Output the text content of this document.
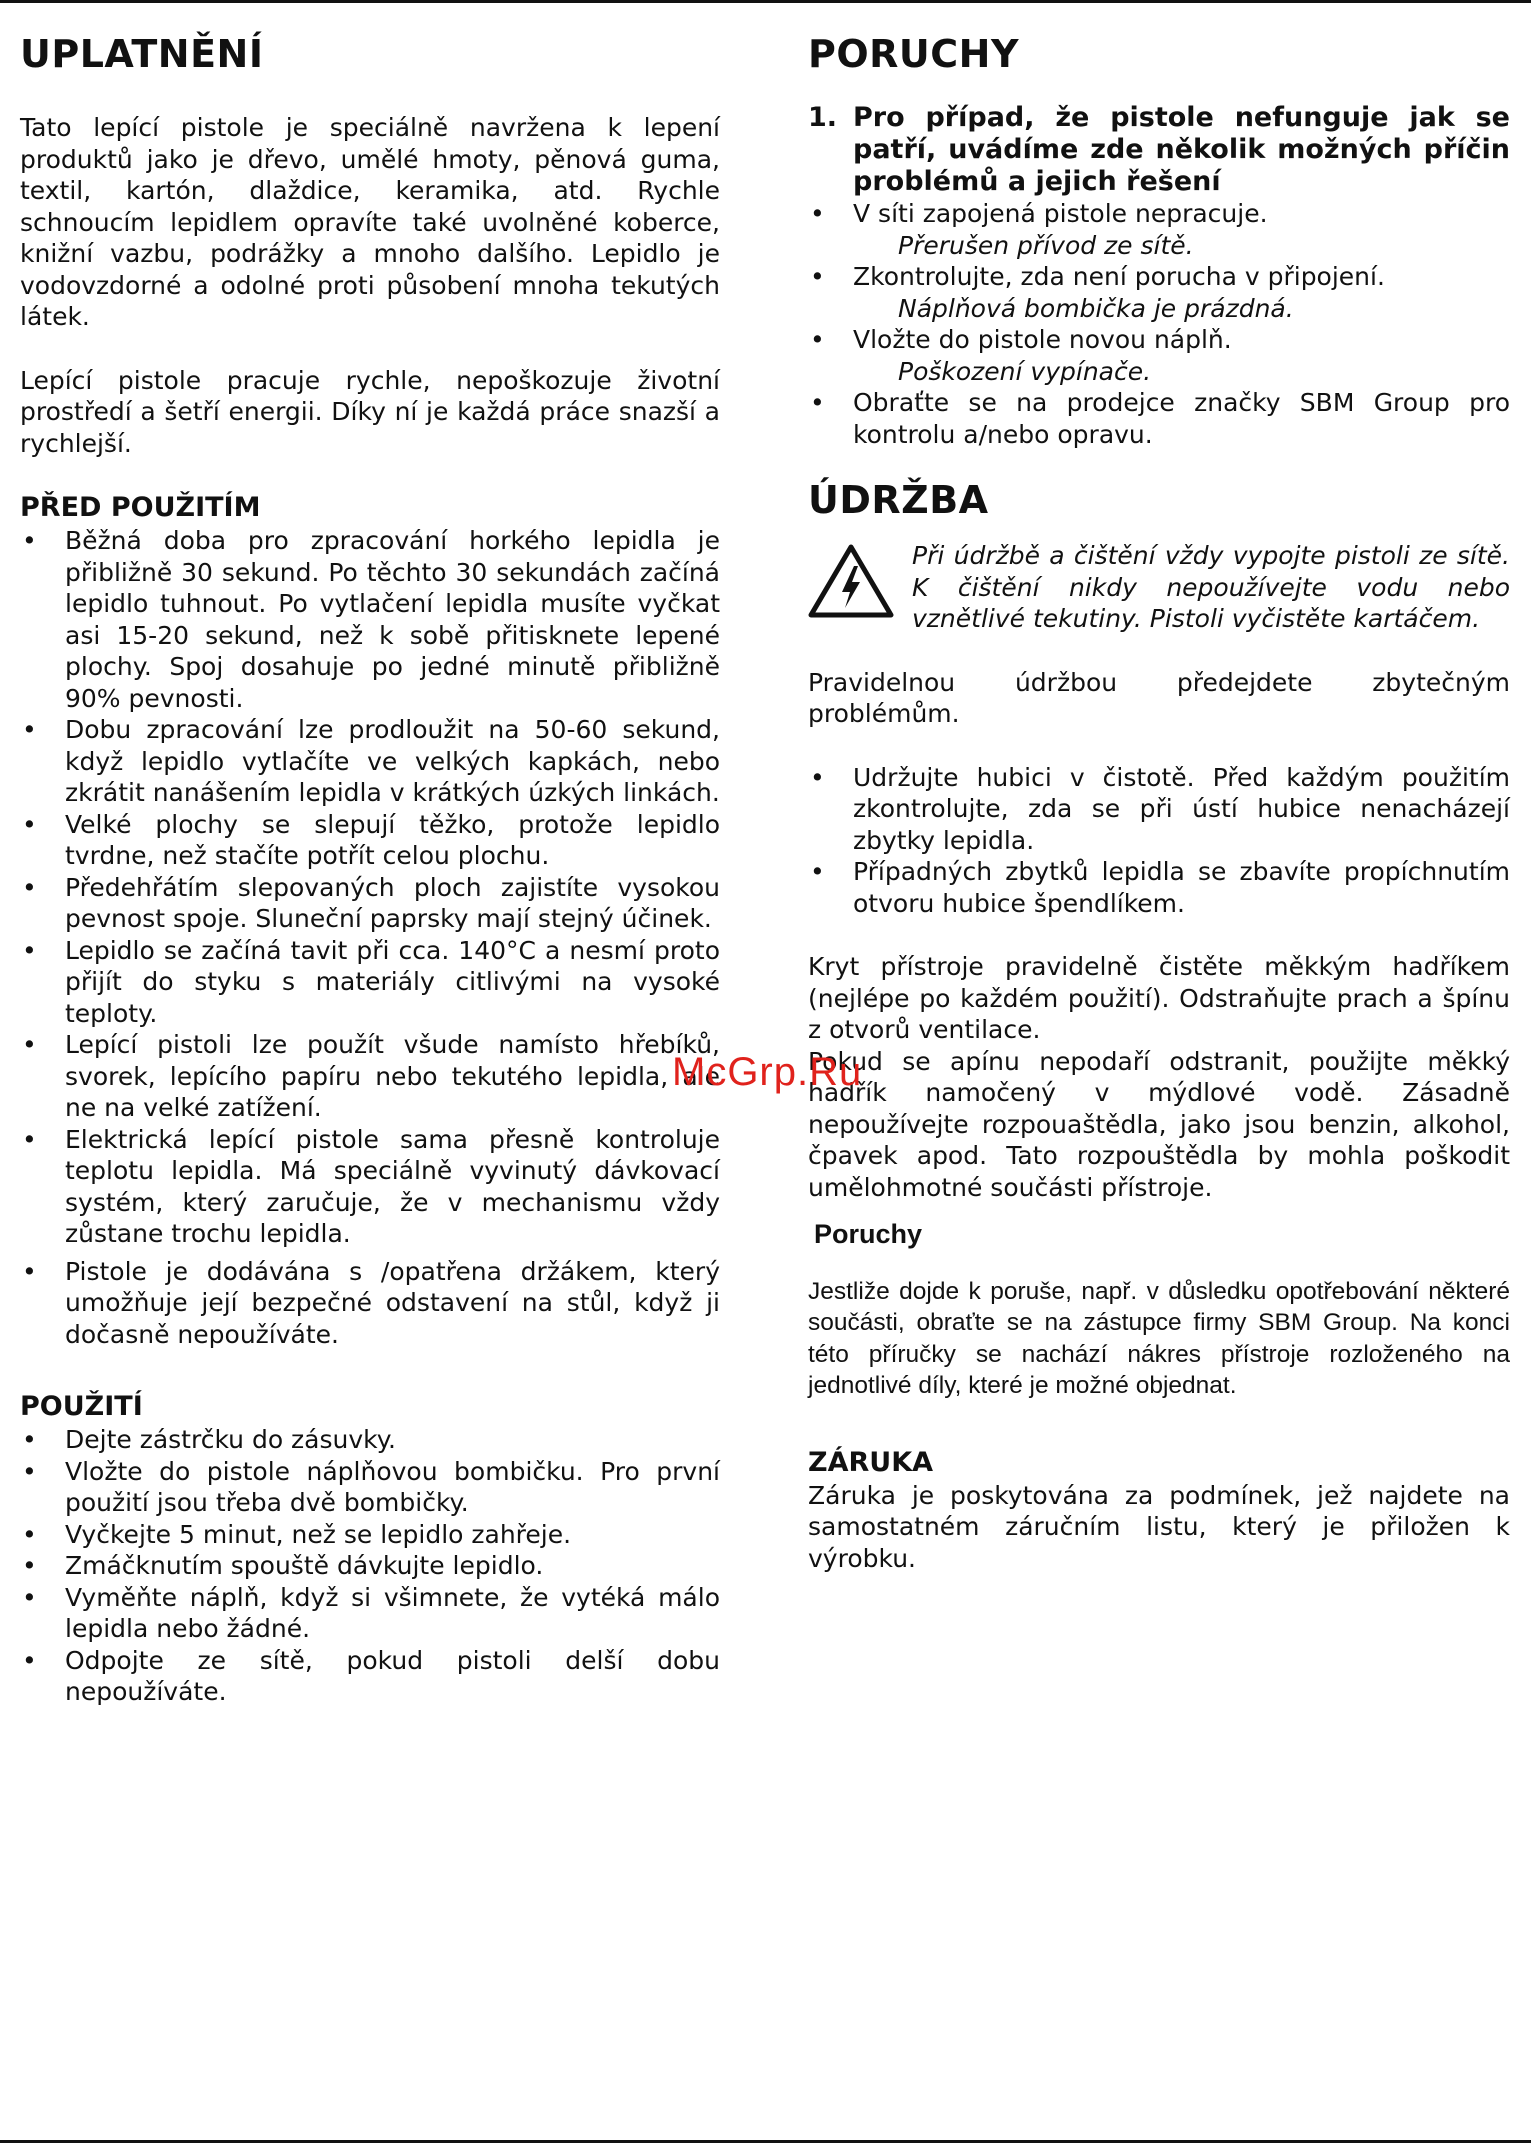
UPLATNĚNÍ

Tato lepící pistole je speciálně navržena k lepení produktů jako je dřevo, umělé hmoty, pěnová guma, textil, kartón, dlaždice, keramika, atd. Rychle schnoucím lepidlem opravíte také uvolněné koberce, knižní vazbu, podrážky a mnoho dalšího. Lepidlo je vodovzdorné a odolné proti působení mnoha tekutých látek.

Lepící pistole pracuje rychle, nepoškozuje životní prostředí a šetří energii. Díky ní je každá práce snazší a rychlejší.

PŘED POUŽITÍM
• Běžná doba pro zpracování horkého lepidla je přibližně 30 sekund. Po těchto 30 sekundách začíná lepidlo tuhnout. Po vytlačení lepidla musíte vyčkat asi 15-20 sekund, než k sobě přitisknete lepené plochy. Spoj dosahuje po jedné minutě přibližně 90% pevnosti.
• Dobu zpracování lze prodloužit na 50-60 sekund, když lepidlo vytlačíte ve velkých kapkách, nebo zkrátit nanášením lepidla v krátkých úzkých linkách.
• Velké plochy se slepují těžko, protože lepidlo tvrdne, než stačíte potřít celou plochu.
• Předehřátím slepovaných ploch zajistíte vysokou pevnost spoje. Sluneční paprsky mají stejný účinek.
• Lepidlo se začíná tavit při cca. 140°C a nesmí proto přijít do styku s materiály citlivými na vysoké teploty.
• Lepící pistoli lze použít všude namísto hřebíků, svorek, lepícího papíru nebo tekutého lepidla, ale ne na velké zatížení.
• Elektrická lepící pistole sama přesně kontroluje teplotu lepidla. Má speciálně vyvinutý dávkovací systém, který zaručuje, že v mechanismu vždy zůstane trochu lepidla.
• Pistole je dodávána s /opatřena držákem, který umožňuje její bezpečné odstavení na stůl, když ji dočasně nepoužíváte.
POUŽITÍ
• Dejte zástrčku do zásuvky.
• Vložte do pistole náplňovou bombičku. Pro první použití jsou třeba dvě bombičky.
• Vyčkejte 5 minut, než se lepidlo zahřeje.
• Zmáčknutím spouště dávkujte lepidlo.
• Vyměňte náplň, když si všimnete, že vytéká málo lepidla nebo žádné.
• Odpojte ze sítě, pokud pistoli delší dobu nepoužíváte.
PORUCHY
1. Pro případ, že pistole nefunguje jak se patří, uvádíme zde několik možných příčin problémů a jejich řešení
• V síti zapojená pistole nepracuje.
Přerušen přívod ze sítě.
• Zkontrolujte, zda není porucha v připojení.
Náplňová bombička je prázdná.
• Vložte do pistole novou náplň.
Poškození vypínače.
• Obraťte se na prodejce značky SBM Group pro kontrolu a/nebo opravu.
ÚDRŽBA
Při údržbě a čištění vždy vypojte pistoli ze sítě. K čištění nikdy nepoužívejte vodu nebo vznětlivé tekutiny. Pistoli vyčistěte kartáčem.

Pravidelnou údržbou předejdete zbytečným problémům.

• Udržujte hubici v čistotě. Před každým použitím zkontrolujte, zda se při ústí hubice nenacházejí zbytky lepidla.
• Případných zbytků lepidla se zbavíte propíchnutím otvoru hubice špendlíkem.

Kryt přístroje pravidelně čistěte měkkým hadříkem (nejlépe po každém použití). Odstraňujte prach a špínu z otvorů ventilace.

Pokud se apínu nepodaří odstranit, použijte měkký hadřík namočený v mýdlové vodě. Zásadně nepoužívejte rozpouaštědla, jako jsou benzin, alkohol, čpavek apod. Tato rozpouštědla by mohla poškodit umělohmotné součásti přístroje.

Poruchy

Jestliže dojde k poruše, např. v důsledku opotřebování některé součásti, obraťte se na zástupce firmy SBM Group. Na konci této příručky se nachází nákres přístroje rozloženého na jednotlivé díly, které je možné objednat.

ZÁRUKA

Záruka je poskytována za podmínek, jež najdete na samostatném záručním listu, který je přiložen k výrobku.

McGrp.Ru
